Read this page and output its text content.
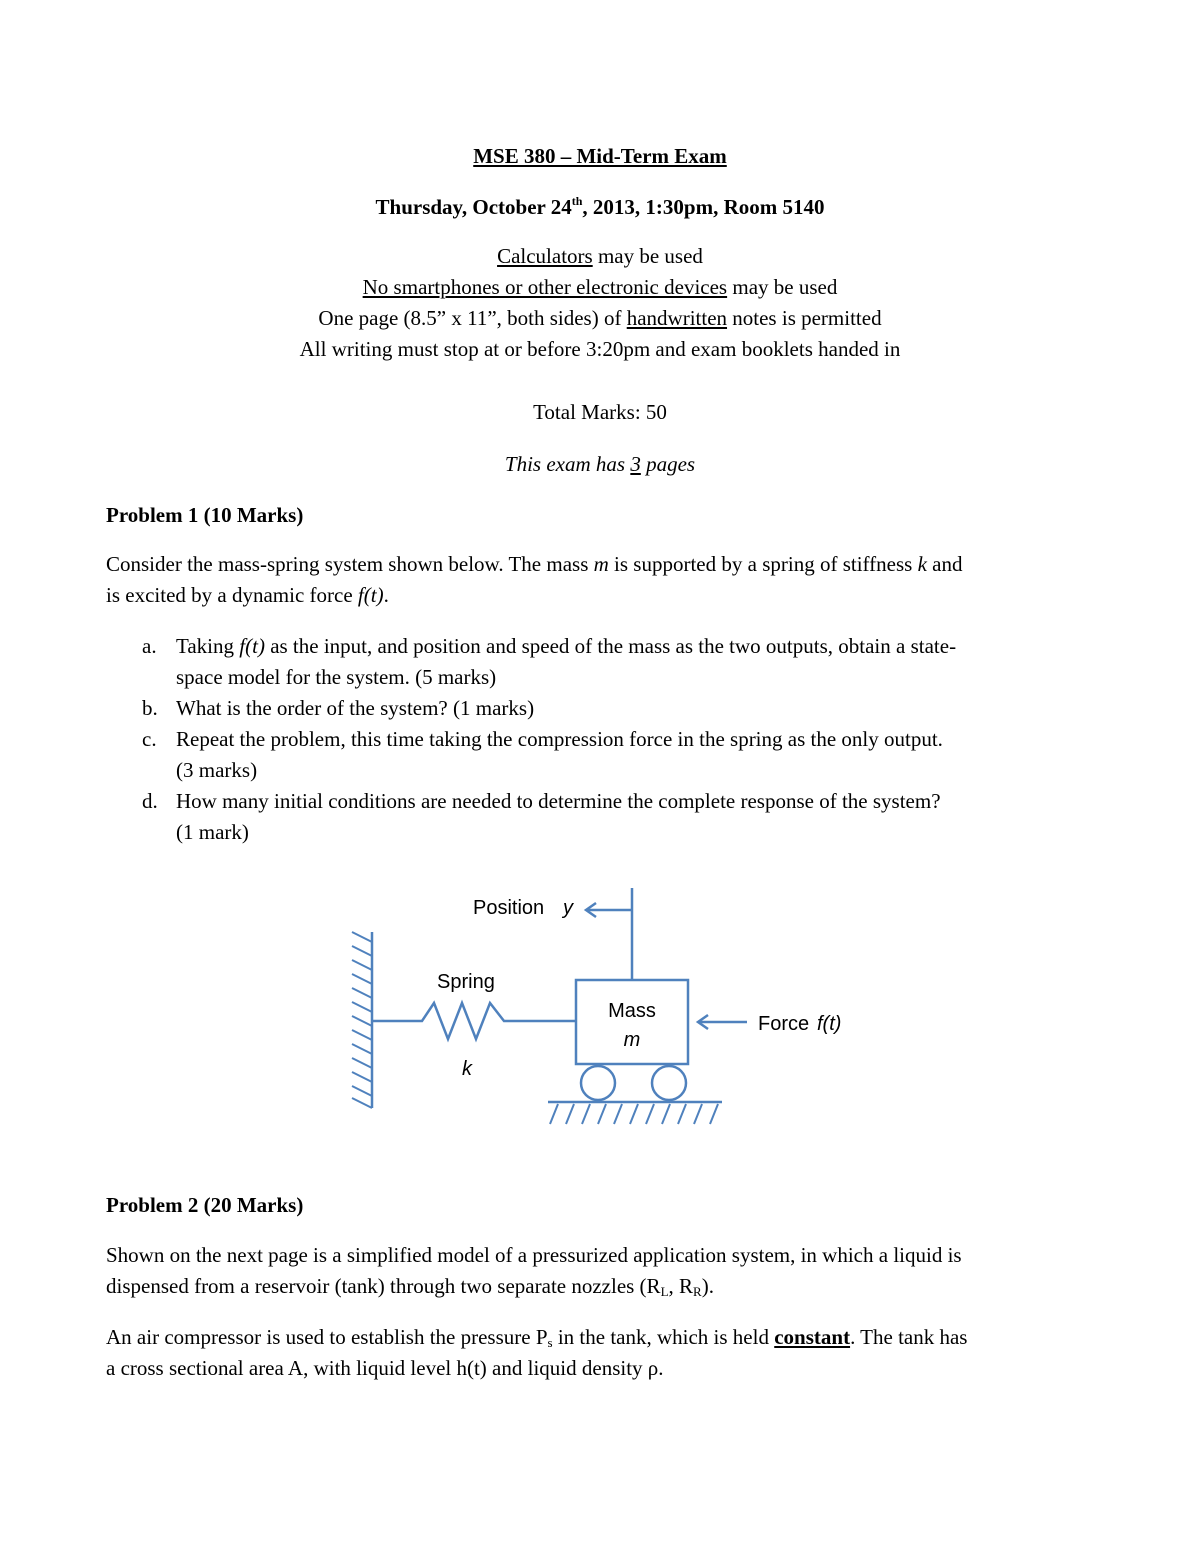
MSE 380 – Mid-Term Exam
Thursday, October 24th, 2013, 1:30pm, Room 5140
Calculators may be used
No smartphones or other electronic devices may be used
One page (8.5” x 11”, both sides) of handwritten notes is permitted
All writing must stop at or before 3:20pm and exam booklets handed in
Total Marks: 50
This exam has 3 pages
Problem 1 (10 Marks)
Consider the mass-spring system shown below. The mass m is supported by a spring of stiffness k and
is excited by a dynamic force f(t).
a. Taking f(t) as the input, and position and speed of the mass as the two outputs, obtain a state-
space model for the system. (5 marks)
b. What is the order of the system? (1 marks)
c. Repeat the problem, this time taking the compression force in the spring as the only output.
(3 marks)
d. How many initial conditions are needed to determine the complete response of the system?
(1 mark)
Position y
Spring
k
Mass
m
Force f(t)
Problem 2 (20 Marks)
Shown on the next page is a simplified model of a pressurized application system, in which a liquid is
dispensed from a reservoir (tank) through two separate nozzles ($R_L$, $R_R$).
An air compressor is used to establish the pressure $P_s$ in the tank, which is held constant. The tank has
a cross sectional area A, with liquid level h(t) and liquid density ρ.
